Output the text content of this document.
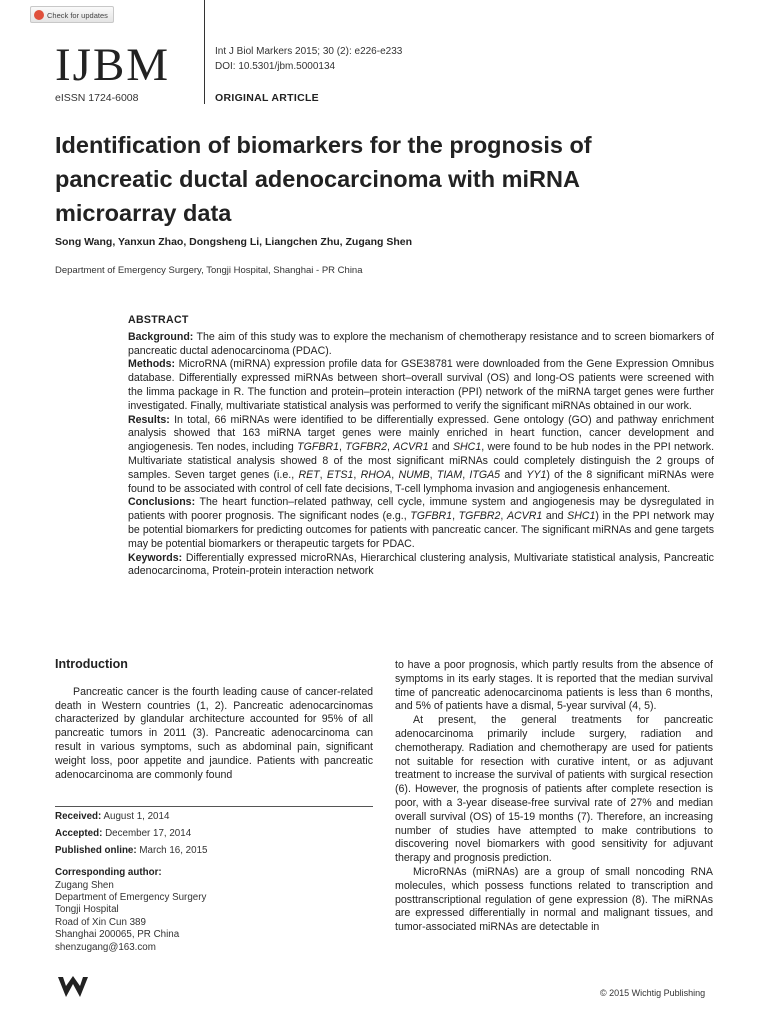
Check for updates
IJBM
eISSN 1724-6008
Int J Biol Markers 2015; 30 (2): e226-e233
DOI: 10.5301/jbm.5000134
ORIGINAL ARTICLE
Identification of biomarkers for the prognosis of pancreatic ductal adenocarcinoma with miRNA microarray data
Song Wang, Yanxun Zhao, Dongsheng Li, Liangchen Zhu, Zugang Shen
Department of Emergency Surgery, Tongji Hospital, Shanghai - PR China
ABSTRACT

Background: The aim of this study was to explore the mechanism of chemotherapy resistance and to screen biomarkers of pancreatic ductal adenocarcinoma (PDAC).

Methods: MicroRNA (miRNA) expression profile data for GSE38781 were downloaded from the Gene Expression Omnibus database. Differentially expressed miRNAs between short–overall survival (OS) and long-OS patients were screened with the limma package in R. The function and protein–protein interaction (PPI) network of the miRNA target genes were further investigated. Finally, multivariate statistical analysis was performed to verify the significant miRNAs obtained in our work.

Results: In total, 66 miRNAs were identified to be differentially expressed. Gene ontology (GO) and pathway enrichment analysis showed that 163 miRNA target genes were mainly enriched in heart function, cancer development and angiogenesis. Ten nodes, including TGFBR1, TGFBR2, ACVR1 and SHC1, were found to be hub nodes in the PPI network. Multivariate statistical analysis showed 8 of the most significant miRNAs could completely distinguish the 2 groups of samples. Seven target genes (i.e., RET, ETS1, RHOA, NUMB, TIAM, ITGA5 and YY1) of the 8 significant miRNAs were found to be associated with control of cell fate decisions, T-cell lymphoma invasion and angiogenesis enhancement.

Conclusions: The heart function–related pathway, cell cycle, immune system and angiogenesis may be dysregulated in patients with poorer prognosis. The significant nodes (e.g., TGFBR1, TGFBR2, ACVR1 and SHC1) in the PPI network may be potential biomarkers for predicting outcomes for patients with pancreatic cancer. The significant miRNAs and gene targets may be potential biomarkers or therapeutic targets for PDAC.

Keywords: Differentially expressed microRNAs, Hierarchical clustering analysis, Multivariate statistical analysis, Pancreatic adenocarcinoma, Protein-protein interaction network

Introduction

Pancreatic cancer is the fourth leading cause of cancer-related death in Western countries (1, 2). Pancreatic adenocarcinomas characterized by glandular architecture accounted for 95% of all pancreatic tumors in 2011 (3). Pancreatic adenocarcinoma can result in various symptoms, such as abdominal pain, significant weight loss, poor appetite and jaundice. Patients with pancreatic adenocarcinoma are commonly found

Received: August 1, 2014
Accepted: December 17, 2014
Published online: March 16, 2015
Corresponding author:
Zugang Shen
Department of Emergency Surgery
Tongji Hospital
Road of Xin Cun 389
Shanghai 200065, PR China
shenzugang@163.com

to have a poor prognosis, which partly results from the absence of symptoms in its early stages. It is reported that the median survival time of pancreatic adenocarcinoma patients is less than 6 months, and 5% of patients have a dismal, 5-year survival (4, 5).

At present, the general treatments for pancreatic adenocarcinoma primarily include surgery, radiation and chemotherapy. Radiation and chemotherapy are used for patients not suitable for resection with curative intent, or as adjuvant treatment to increase the survival of patients with surgical resection (6). However, the prognosis of patients after complete resection is poor, with a 3-year disease-free survival rate of 27% and median overall survival (OS) of 15-19 months (7). Therefore, an increasing number of studies have attempted to make contributions to discovering novel biomarkers with good sensitivity for adjuvant therapy and prognosis prediction.

MicroRNAs (miRNAs) are a group of small noncoding RNA molecules, which possess functions related to transcription and posttranscriptional regulation of gene expression (8). The miRNAs are expressed differentially in normal and malignant tissues, and tumor-associated miRNAs are detectable in

© 2015 Wichtig Publishing
